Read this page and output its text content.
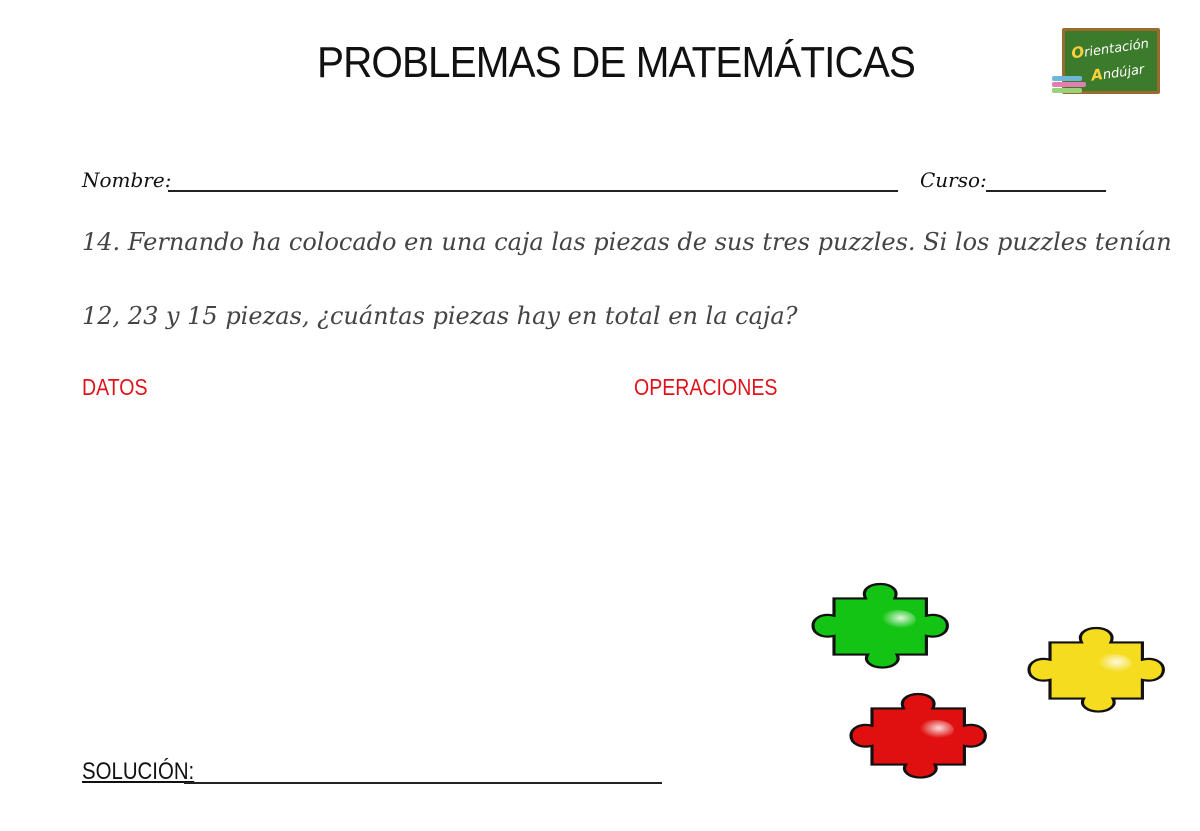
PROBLEMAS DE MATEMÁTICAS	Orientación
Andújar
Nombre:	Curso:
14. Fernando ha colocado en una caja las piezas de sus tres puzzles. Si los puzzles tenían
12, 23 y 15 piezas, ¿cuántas piezas hay en total en la caja?
DATOS	OPERACIONES
SOLUCIÓN:
